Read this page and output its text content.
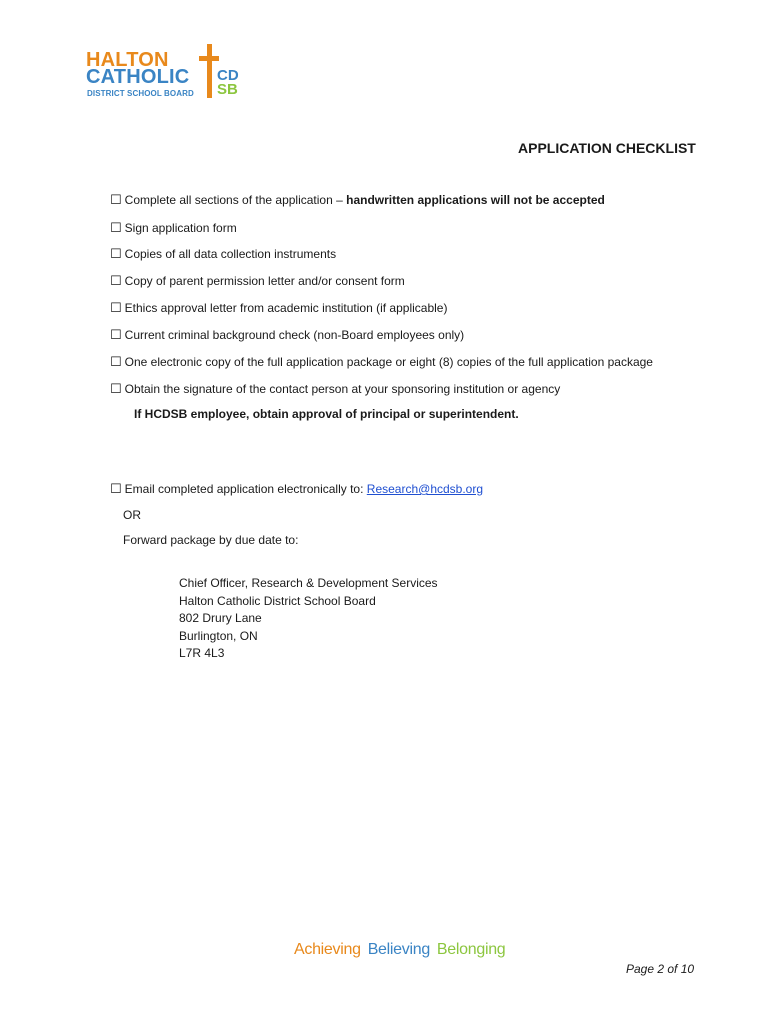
HALTON
CATHOLIC
DISTRICT SCHOOL BOARD
CD
SB
APPLICATION CHECKLIST
☐ Complete all sections of the application – handwritten applications will not be accepted
☐ Sign application form
☐ Copies of all data collection instruments
☐ Copy of parent permission letter and/or consent form
☐ Ethics approval letter from academic institution (if applicable)
☐ Current criminal background check (non-Board employees only)
☐ One electronic copy of the full application package or eight (8) copies of the full application package
☐ Obtain the signature of the contact person at your sponsoring institution or agency
If HCDSB employee, obtain approval of principal or superintendent.
☐ Email completed application electronically to: Research@hcdsb.org
OR
Forward package by due date to:
Chief Officer, Research & Development Services
Halton Catholic District School Board
802 Drury Lane
Burlington, ON
L7R 4L3
Achieving Believing Belonging
Page 2 of 10
